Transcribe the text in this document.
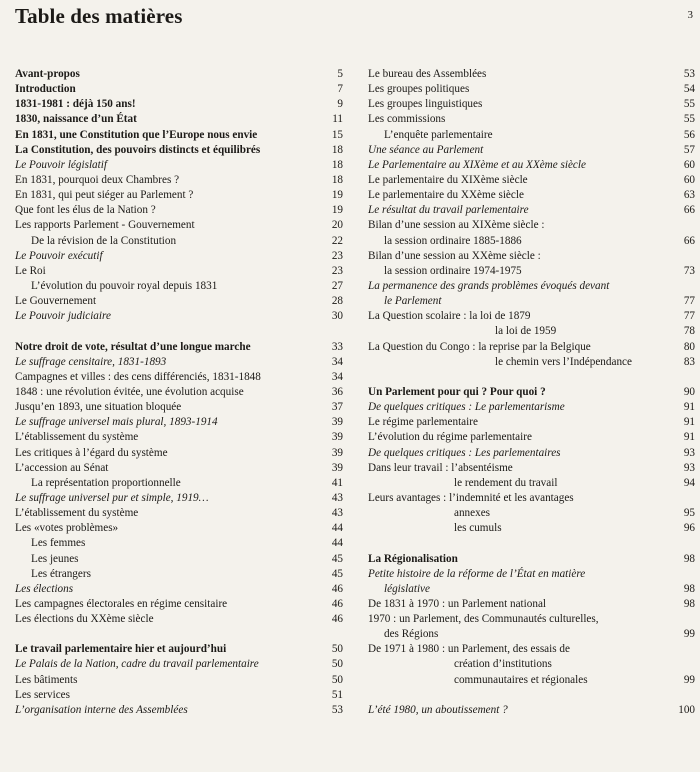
Table des matières	3
Avant-propos	5
Introduction	7
1831-1981 : déjà 150 ans!	9
1830, naissance d’un État	11
En 1831, une Constitution que l’Europe nous envie	15
La Constitution, des pouvoirs distincts et équilibrés	18
Le Pouvoir législatif	18
En 1831, pourquoi deux Chambres ?	18
En 1831, qui peut siéger au Parlement ?	19
Que font les élus de la Nation ?	19
Les rapports Parlement - Gouvernement	20
De la révision de la Constitution	22
Le Pouvoir exécutif	23
Le Roi	23
L’évolution du pouvoir royal depuis 1831	27
Le Gouvernement	28
Le Pouvoir judiciaire	30
Notre droit de vote, résultat d’une longue marche	33
Le suffrage censitaire, 1831-1893	34
Campagnes et villes : des cens différenciés, 1831-1848	34
1848 : une révolution évitée, une évolution acquise	36
Jusqu’en 1893, une situation bloquée	37
Le suffrage universel mais plural, 1893-1914	39
L’établissement du système	39
Les critiques à l’égard du système	39
L’accession au Sénat	39
La représentation proportionnelle	41
Le suffrage universel pur et simple, 1919…	43
L’établissement du système	43
Les «votes problèmes»	44
Les femmes	44
Les jeunes	45
Les étrangers	45
Les élections	46
Les campagnes électorales en régime censitaire	46
Les élections du XXème siècle	46
Le travail parlementaire hier et aujourd’hui	50
Le Palais de la Nation, cadre du travail parlementaire	50
Les bâtiments	50
Les services	51
L’organisation interne des Assemblées	53
Le bureau des Assemblées	53
Les groupes politiques	54
Les groupes linguistiques	55
Les commissions	55
L’enquête parlementaire	56
Une séance au Parlement	57
Le Parlementaire au XIXème et au XXème siècle	60
Le parlementaire du XIXème siècle	60
Le parlementaire du XXème siècle	63
Le résultat du travail parlementaire	66
Bilan d’une session au XIXème siècle :
la session ordinaire 1885-1886	66
Bilan d’une session au XXème siècle :
la session ordinaire 1974-1975	73
La permanence des grands problèmes évoqués devant
le Parlement	77
La Question scolaire : la loi de 1879	77
la loi de 1959	78
La Question du Congo : la reprise par la Belgique	80
le chemin vers l’Indépendance	83
Un Parlement pour qui ? Pour quoi ?	90
De quelques critiques : Le parlementarisme	91
Le régime parlementaire	91
L’évolution du régime parlementaire	91
De quelques critiques : Les parlementaires	93
Dans leur travail : l’absentéisme	93
le rendement du travail	94
Leurs avantages : l’indemnité et les avantages
annexes	95
les cumuls	96
La Régionalisation	98
Petite histoire de la réforme de l’État en matière
législative	98
De 1831 à 1970 : un Parlement national	98
1970 : un Parlement, des Communautés culturelles,
des Régions	99
De 1971 à 1980 : un Parlement, des essais de
création d’institutions
communautaires et régionales	99
L’été 1980, un aboutissement ?	100
